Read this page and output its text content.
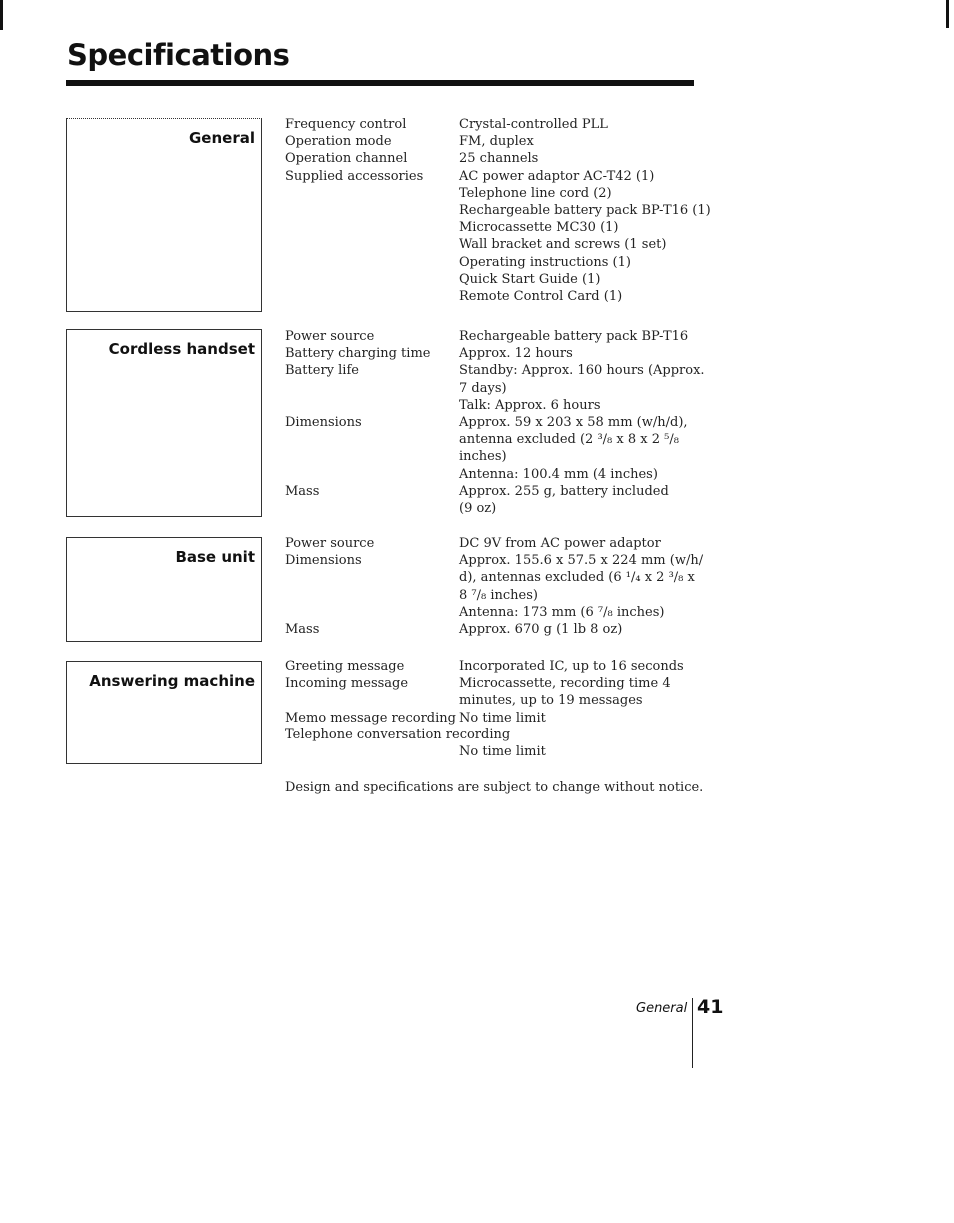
Specifications
General
Frequency control
Operation mode
Operation channel
Supplied accessories
Crystal-controlled PLL
FM, duplex
25 channels
AC power adaptor AC-T42 (1)
Telephone line cord (2)
Rechargeable battery pack BP-T16 (1)
Microcassette MC30 (1)
Wall bracket and screws (1 set)
Operating instructions (1)
Quick Start Guide (1)
Remote Control Card (1)
Cordless handset
Power source
Battery charging time
Battery life
Dimensions
Mass
Rechargeable battery pack BP-T16
Approx. 12 hours
Standby: Approx. 160 hours (Approx.
7 days)
Talk: Approx. 6 hours
Approx. 59 x 203 x 58 mm (w/h/d),
antenna excluded (2 ³/₈ x 8 x 2 ⁵/₈
inches)
Antenna: 100.4 mm (4 inches)
Approx. 255 g, battery included
(9 oz)
Base unit
Power source
Dimensions
Mass
DC 9V from AC power adaptor
Approx. 155.6 x 57.5 x 224 mm (w/h/
d), antennas excluded (6 ¹/₄ x 2 ³/₈ x
8 ⁷/₈ inches)
Antenna: 173 mm (6 ⁷/₈ inches)
Approx. 670 g (1 lb 8 oz)
Answering machine
Greeting message
Incoming message
Memo message recording
Incorporated IC, up to 16 seconds
Microcassette, recording time 4
minutes, up to 19 messages
No time limit
Telephone conversation recording
No time limit
Design and specifications are subject to change without notice.
General 41
